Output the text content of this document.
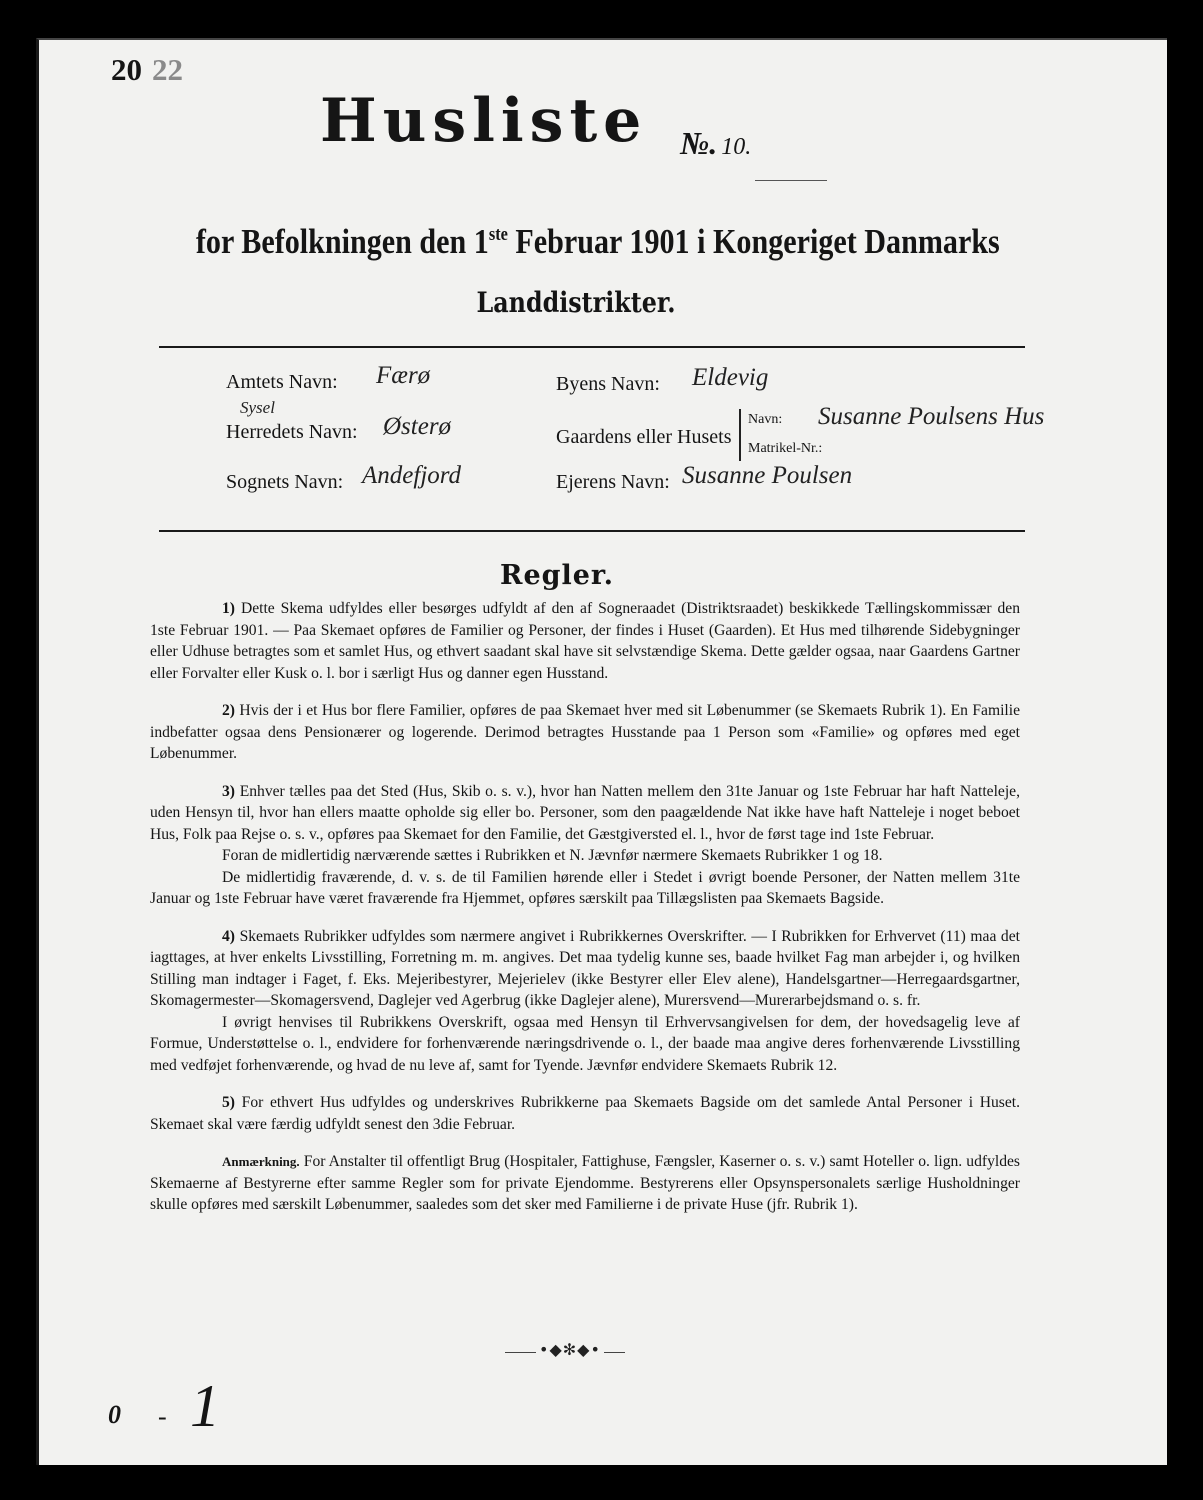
20 22
Husliste №. 10.
for Befolkningen den 1ste Februar 1901 i Kongeriget Danmarks
Landdistrikter.
Amtets Navn: Færø
Sysel
Herredets Navn: Østerø
Sognets Navn: Andefjord
Byens Navn: Eldevig
Gaardens eller Husets
Navn: Susanne Poulsens Hus
Matrikel-Nr.:
Ejerens Navn: Susanne Poulsen
Regler.

1) Dette Skema udfyldes eller besørges udfyldt af den af Sogneraadet (Distriktsraadet) beskikkede Tællingskommissær den 1ste Februar 1901. — Paa Skemaet opføres de Familier og Personer, der findes i Huset (Gaarden). Et Hus med tilhørende Sidebygninger eller Udhuse betragtes som et samlet Hus, og ethvert saadant skal have sit selvstændige Skema. Dette gælder ogsaa, naar Gaardens Gartner eller Forvalter eller Kusk o. l. bor i særligt Hus og danner egen Husstand.

2) Hvis der i et Hus bor flere Familier, opføres de paa Skemaet hver med sit Løbenummer (se Skemaets Rubrik 1). En Familie indbefatter ogsaa dens Pensionærer og logerende. Derimod betragtes Husstande paa 1 Person som «Familie» og opføres med eget Løbenummer.

3) Enhver tælles paa det Sted (Hus, Skib o. s. v.), hvor han Natten mellem den 31te Januar og 1ste Februar har haft Natteleje, uden Hensyn til, hvor han ellers maatte opholde sig eller bo. Personer, som den paagældende Nat ikke have haft Natteleje i noget beboet Hus, Folk paa Rejse o. s. v., opføres paa Skemaet for den Familie, det Gæstgiversted el. l., hvor de først tage ind 1ste Februar.

Foran de midlertidig nærværende sættes i Rubrikken et N. Jævnfør nærmere Skemaets Rubrikker 1 og 18.

De midlertidig fraværende, d. v. s. de til Familien hørende eller i Stedet i øvrigt boende Personer, der Natten mellem 31te Januar og 1ste Februar have været fraværende fra Hjemmet, opføres særskilt paa Tillægslisten paa Skemaets Bagside.

4) Skemaets Rubrikker udfyldes som nærmere angivet i Rubrikkernes Overskrifter. — I Rubrikken for Erhvervet (11) maa det iagttages, at hver enkelts Livsstilling, Forretning m. m. angives. Det maa tydelig kunne ses, baade hvilket Fag man arbejder i, og hvilken Stilling man indtager i Faget, f. Eks. Mejeribestyrer, Mejerielev (ikke Bestyrer eller Elev alene), Handelsgartner—Herregaardsgartner, Skomagermester—Skomagersvend, Daglejer ved Agerbrug (ikke Daglejer alene), Murersvend—Murerarbejdsmand o. s. fr.

I øvrigt henvises til Rubrikkens Overskrift, ogsaa med Hensyn til Erhvervsangivelsen for dem, der hovedsagelig leve af Formue, Understøttelse o. l., endvidere for forhenværende næringsdrivende o. l., der baade maa angive deres forhenværende Livsstilling med vedføjet forhenværende, og hvad de nu leve af, samt for Tyende. Jævnfør endvidere Skemaets Rubrik 12.

5) For ethvert Hus udfyldes og underskrives Rubrikkerne paa Skemaets Bagside om det samlede Antal Personer i Huset. Skemaet skal være færdig udfyldt senest den 3die Februar.

Anmærkning. For Anstalter til offentligt Brug (Hospitaler, Fattighuse, Fængsler, Kaserner o. s. v.) samt Hoteller o. lign. udfyldes Skemaerne af Bestyrerne efter samme Regler som for private Ejendomme. Bestyrerens eller Opsynspersonalets særlige Husholdninger skulle opføres med særskilt Løbenummer, saaledes som det sker med Familierne i de private Huse (jfr. Rubrik 1).

•◆✻◆•
0 - 1
